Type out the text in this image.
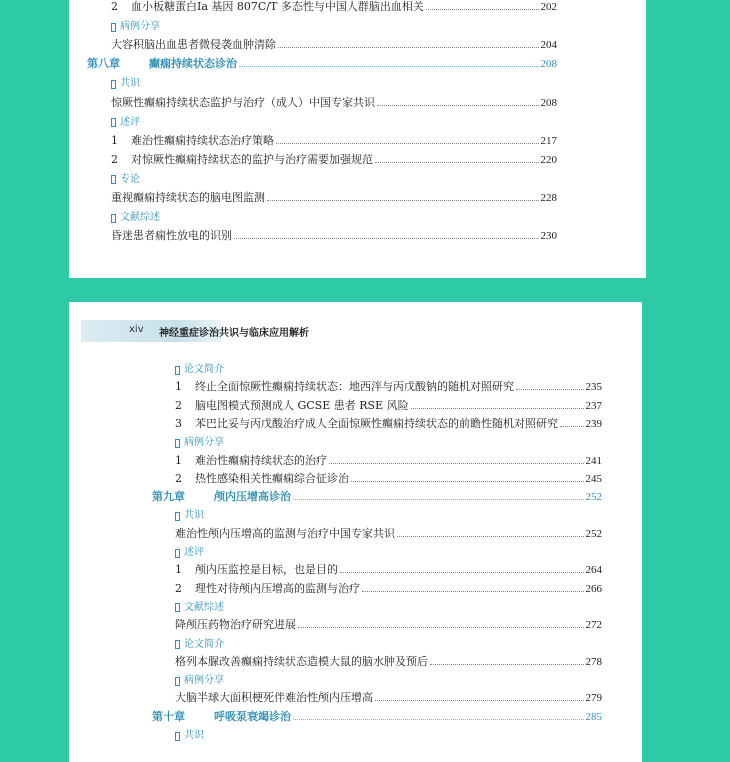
2	血小板糖蛋白Ⅰa 基因 807C/T 多态性与中国人群脑出血相关	202
病例分享
大容积脑出血患者微侵袭血肿清除	204
第八章	癫痫持续状态诊治	208
共识
惊厥性癫痫持续状态监护与治疗（成人）中国专家共识	208
述评
1	难治性癫痫持续状态治疗策略	217
2	对惊厥性癫痫持续状态的监护与治疗需要加强规范	220
专论
重视癫痫持续状态的脑电图监测	228
文献综述
昏迷患者痫性放电的识别	230
xiv 神经重症诊治共识与临床应用解析
论文简介
1	终止全面惊厥性癫痫持续状态：地西泮与丙戊酸钠的随机对照研究	235
2	脑电图模式预测成人 GCSE 患者 RSE 风险	237
3	苯巴比妥与丙戊酸治疗成人全面惊厥性癫痫持续状态的前瞻性随机对照研究	239
病例分享
1	难治性癫痫持续状态的治疗	241
2	热性感染相关性癫痫综合征诊治	245
第九章	颅内压增高诊治	252
共识
难治性颅内压增高的监测与治疗中国专家共识	252
述评
1	颅内压监控是目标，也是目的	264
2	理性对待颅内压增高的监测与治疗	266
文献综述
降颅压药物治疗研究进展	272
论文简介
格列本脲改善癫痫持续状态造模大鼠的脑水肿及预后	278
病例分享
大脑半球大面积梗死伴难治性颅内压增高	279
第十章	呼吸泵衰竭诊治	285
共识
